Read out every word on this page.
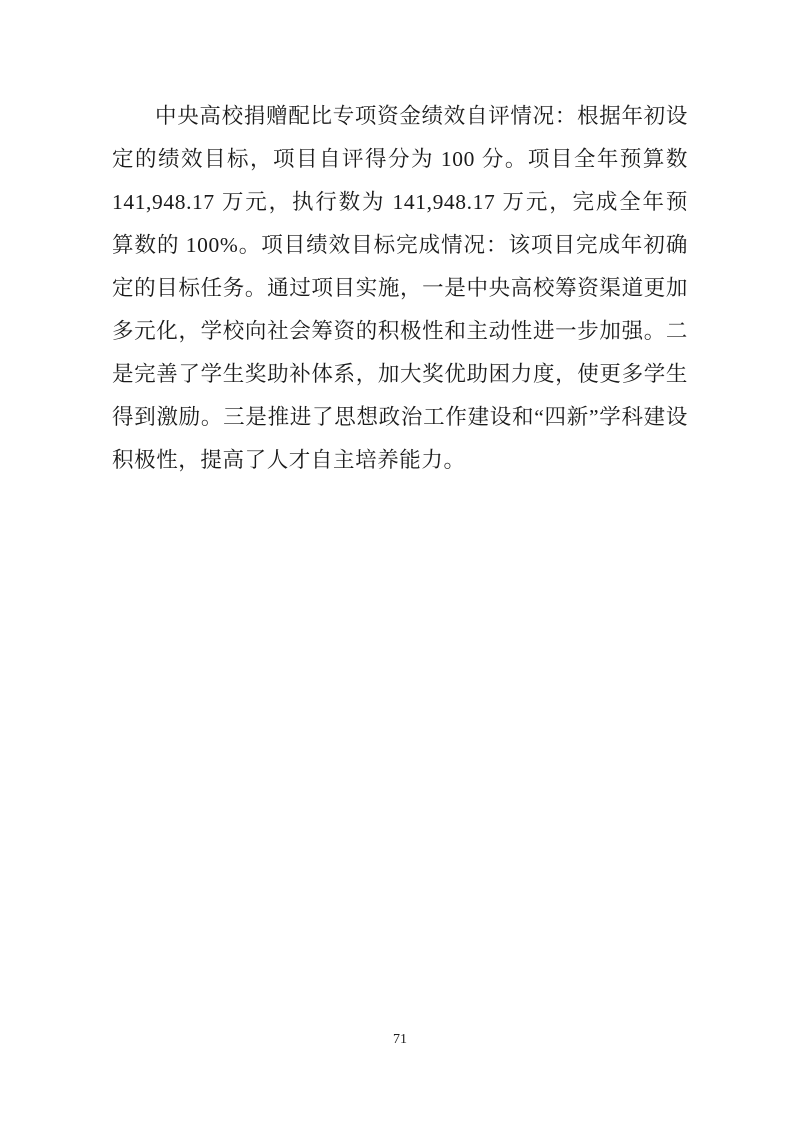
中央高校捐赠配比专项资金绩效自评情况：根据年初设定的绩效目标，项目自评得分为 100 分。项目全年预算数 141,948.17 万元，执行数为 141,948.17 万元，完成全年预算数的 100%。项目绩效目标完成情况：该项目完成年初确定的目标任务。通过项目实施，一是中央高校筹资渠道更加多元化，学校向社会筹资的积极性和主动性进一步加强。二是完善了学生奖助补体系，加大奖优助困力度，使更多学生得到激励。三是推进了思想政治工作建设和“四新”学科建设积极性，提高了人才自主培养能力。

71
